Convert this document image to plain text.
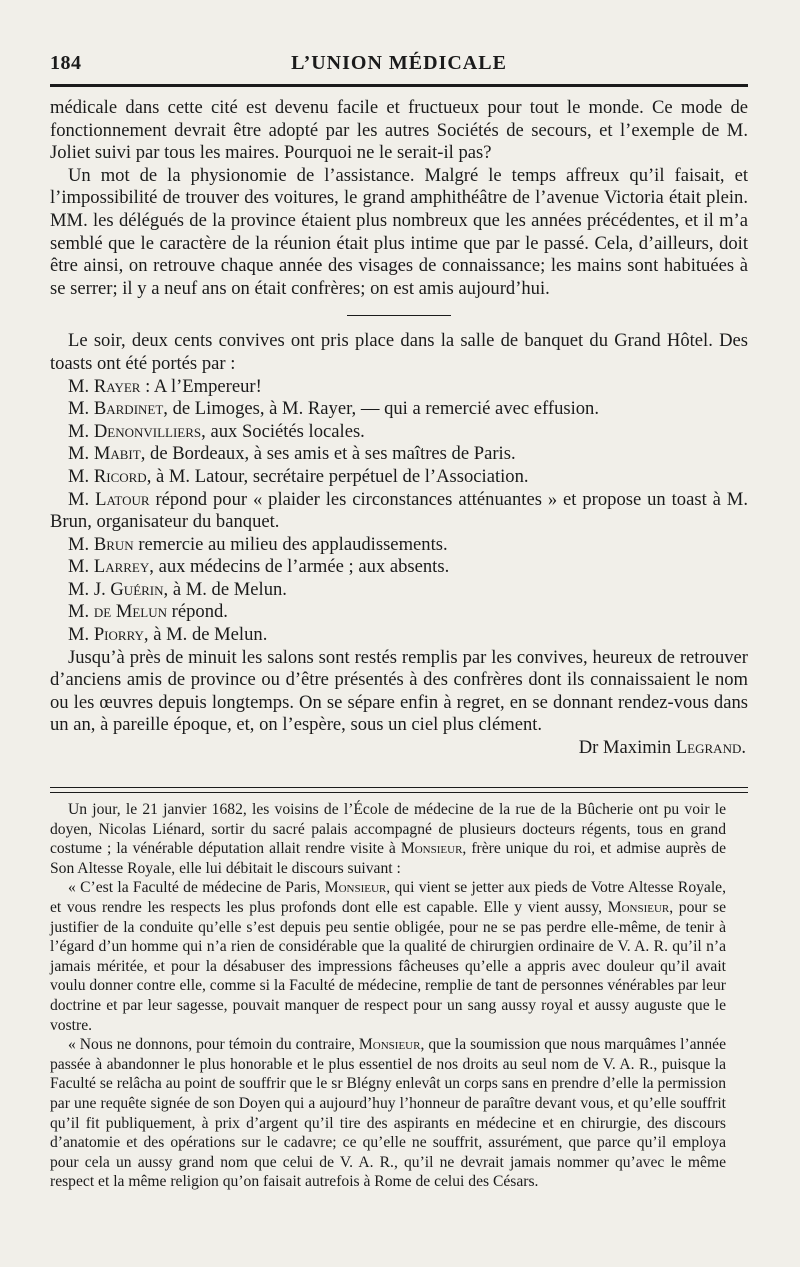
184	L’UNION MÉDICALE

médicale dans cette cité est devenu facile et fructueux pour tout le monde. Ce mode de fonctionnement devrait être adopté par les autres Sociétés de secours, et l’exemple de M. Joliet suivi par tous les maires. Pourquoi ne le serait-il pas?

Un mot de la physionomie de l’assistance. Malgré le temps affreux qu’il faisait, et l’impossibilité de trouver des voitures, le grand amphithéâtre de l’avenue Victoria était plein. MM. les délégués de la province étaient plus nombreux que les années précédentes, et il m’a semblé que le caractère de la réunion était plus intime que par le passé. Cela, d’ailleurs, doit être ainsi, on retrouve chaque année des visages de connaissance; les mains sont habituées à se serrer; il y a neuf ans on était confrères; on est amis aujourd’hui.

Le soir, deux cents convives ont pris place dans la salle de banquet du Grand Hôtel. Des toasts ont été portés par :

M. Rayer : A l’Empereur!

M. Bardinet, de Limoges, à M. Rayer, — qui a remercié avec effusion.

M. Denonvilliers, aux Sociétés locales.

M. Mabit, de Bordeaux, à ses amis et à ses maîtres de Paris.

M. Ricord, à M. Latour, secrétaire perpétuel de l’Association.

M. Latour répond pour « plaider les circonstances atténuantes » et propose un toast à M. Brun, organisateur du banquet.

M. Brun remercie au milieu des applaudissements.

M. Larrey, aux médecins de l’armée ; aux absents.

M. J. Guérin, à M. de Melun.

M. de Melun répond.

M. Piorry, à M. de Melun.

Jusqu’à près de minuit les salons sont restés remplis par les convives, heureux de retrouver d’anciens amis de province ou d’être présentés à des confrères dont ils connaissaient le nom ou les œuvres depuis longtemps. On se sépare enfin à regret, en se donnant rendez-vous dans un an, à pareille époque, et, on l’espère, sous un ciel plus clément.

Dr Maximin Legrand.

Un jour, le 21 janvier 1682, les voisins de l’École de médecine de la rue de la Bûcherie ont pu voir le doyen, Nicolas Liénard, sortir du sacré palais accompagné de plusieurs docteurs régents, tous en grand costume ; la vénérable députation allait rendre visite à Monsieur, frère unique du roi, et admise auprès de Son Altesse Royale, elle lui débitait le discours suivant :

« C’est la Faculté de médecine de Paris, Monsieur, qui vient se jetter aux pieds de Votre Altesse Royale, et vous rendre les respects les plus profonds dont elle est capable. Elle y vient aussy, Monsieur, pour se justifier de la conduite qu’elle s’est depuis peu sentie obligée, pour ne se pas perdre elle-même, de tenir à l’égard d’un homme qui n’a rien de considérable que la qualité de chirurgien ordinaire de V. A. R. qu’il n’a jamais méritée, et pour la désabuser des impressions fâcheuses qu’elle a appris avec douleur qu’il avait voulu donner contre elle, comme si la Faculté de médecine, remplie de tant de personnes vénérables par leur doctrine et par leur sagesse, pouvait manquer de respect pour un sang aussy royal et aussy auguste que le vostre.

« Nous ne donnons, pour témoin du contraire, Monsieur, que la soumission que nous marquâmes l’année passée à abandonner le plus honorable et le plus essentiel de nos droits au seul nom de V. A. R., puisque la Faculté se relâcha au point de souffrir que le sr Blégny enlevât un corps sans en prendre d’elle la permission par une requête signée de son Doyen qui a aujourd’huy l’honneur de paraître devant vous, et qu’elle souffrit qu’il fit publiquement, à prix d’argent qu’il tire des aspirants en médecine et en chirurgie, des discours d’anatomie et des opérations sur le cadavre; ce qu’elle ne souffrit, assurément, que parce qu’il employa pour cela un aussy grand nom que celui de V. A. R., qu’il ne devrait jamais nommer qu’avec le même respect et la même religion qu’on faisait autrefois à Rome de celui des Césars.
